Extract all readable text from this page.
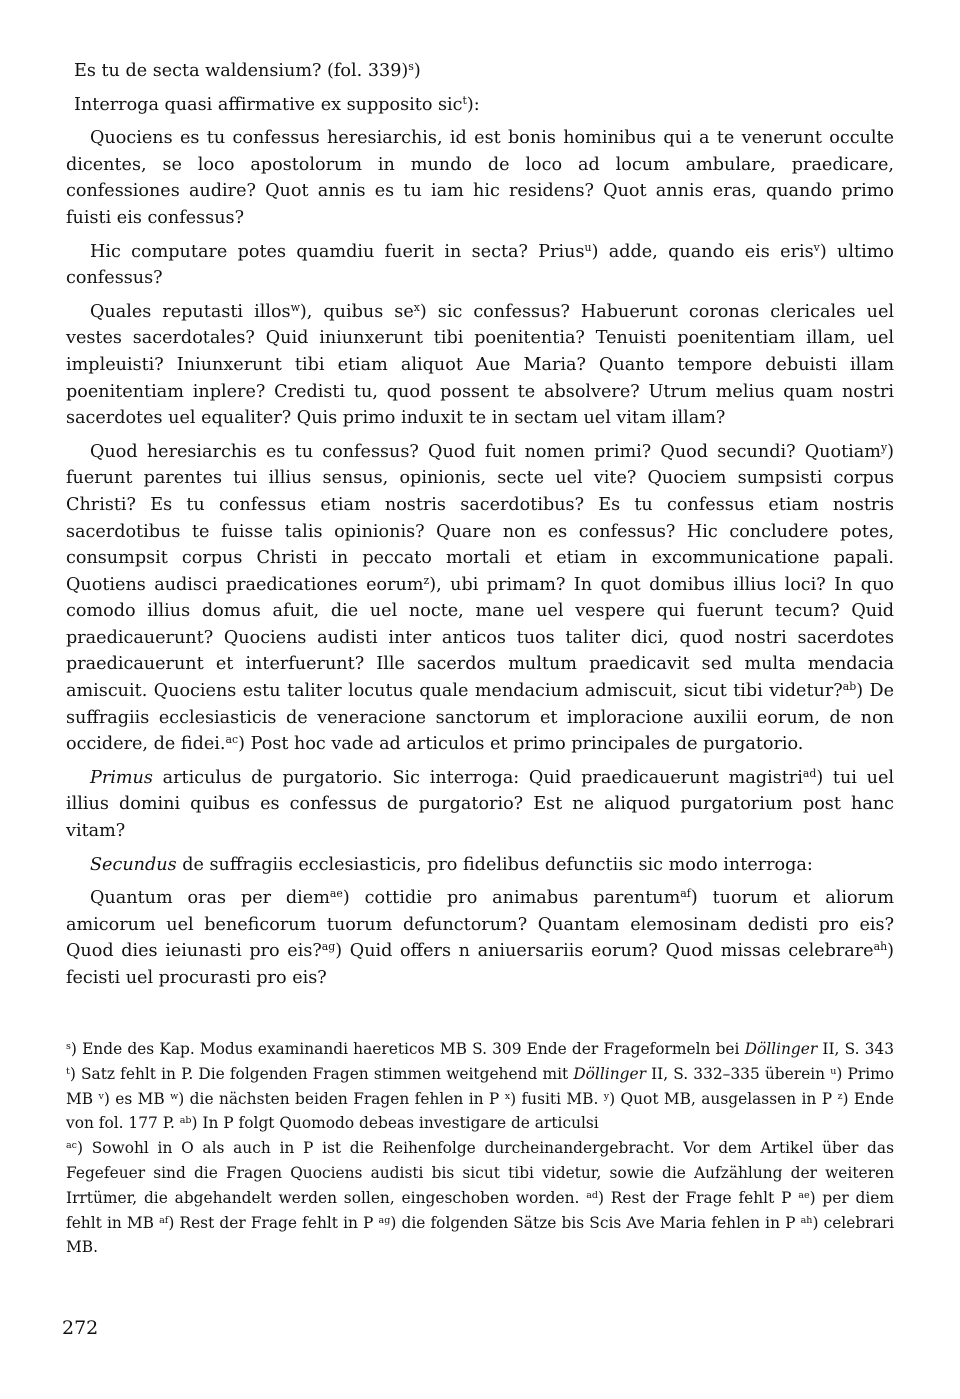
Es tu de secta waldensium? (fol. 339)$^s$)

Interroga quasi affirmative ex supposito sic$^t$):

Quociens es tu confessus heresiarchis, id est bonis hominibus qui a te venerunt occulte dicentes, se loco apostolorum in mundo de loco ad locum ambulare, praedicare, confessiones audire? Quot annis es tu iam hic residens? Quot annis eras, quando primo fuisti eis confessus?

Hic computare potes quamdiu fuerit in secta? Prius$^u$) adde, quando eis eris$^v$) ultimo confessus?

Quales reputasti illos$^w$), quibus $se^x$) sic confessus? Habuerunt coronas clericales uel vestes sacerdotales? Quid iniunxerunt tibi poenitentia? Tenuisti poenitentiam illam, uel impleuisti? Iniunxerunt tibi etiam aliquot Aue Maria? Quanto tempore debuisti illam poenitentiam inplere? Credisti tu, quod possent te absolvere? Utrum melius quam nostri sacerdotes uel equaliter? Quis primo induxit te in sectam uel vitam illam?

Quod heresiarchis es tu confessus? Quod fuit nomen primi? Quod secundi? Quotiam$^y$) fuerunt parentes tui illius sensus, opinionis, secte uel vite? Quociem sumpsisti corpus Christi? Es tu confessus etiam nostris sacerdotibus? Es tu confessus etiam nostris sacerdotibus te fuisse talis opinionis? Quare non es confessus? Hic concludere potes, consumpsit corpus Christi in peccato mortali et etiam in excommunicatione papali. Quotiens audisci praedicationes eorum$^z$), ubi primam? In quot domibus illius loci? In quo comodo illius domus afuit, die uel nocte, mane uel vespere qui fuerunt tecum? Quid praedicauerunt? Quociens audisti inter anticos tuos taliter dici, quod nostri sacerdotes praedicauerunt et interfuerunt? Ille sacerdos multum praedicavit sed multa mendacia amiscuit. Quociens estu taliter locutus quale mendacium admiscuit, sicut tibi videtur?$^{ab}$) De suffragiis ecclesiasticis de veneracione sanctorum et imploracione auxilii eorum, de non occidere, de fidei.$^{ac}$) Post hoc vade ad articulos et primo principales de purgatorio.

Primus articulus de purgatorio. Sic interroga: Quid praedicauerunt magistri$^{ad}$) tui uel illius domini quibus es confessus de purgatorio? Est ne aliquod purgatorium post hanc vitam?

Secundus de suffragiis ecclesiasticis, pro fidelibus defunctiis sic modo interroga:

Quantum oras per diem$^{ae}$) cottidie pro animabus parentum$^{af}$) tuorum et aliorum amicorum uel beneficorum tuorum defunctorum? Quantam elemosinam dedisti pro eis? Quod dies ieiunasti pro eis?$^{ag}$) Quid offers n aniuersariis eorum? Quod missas celebrare$^{ah}$) fecisti uel procurasti pro eis?

$^s$) Ende des Kap. Modus examinandi haereticos MB S. 309 Ende der Frageformeln bei Döllinger II, S. 343 $^t$) Satz fehlt in P. Die folgenden Fragen stimmen weitgehend mit Döllinger II, S. 332–335 überein $^u$) Primo MB $^v$) es MB $^w$) die nächsten beiden Fragen fehlen in P $^x$) fusiti MB. $^y$) Quot MB, ausgelassen in P $^z$) Ende von fol. 177 P. $^{ab}$) In P folgt Quomodo debeas investigare de articulsi

$^{ac}$) Sowohl in O als auch in P ist die Reihenfolge durcheinandergebracht. Vor dem Artikel über das Fegefeuer sind die Fragen Quociens audisti bis sicut tibi videtur, sowie die Aufzählung der weiteren Irrtümer, die abgehandelt werden sollen, eingeschoben worden. $^{ad}$) Rest der Frage fehlt P $^{ae}$) per diem fehlt in MB $^{af}$) Rest der Frage fehlt in P $^{ag}$) die folgenden Sätze bis Scis Ave Maria fehlen in P $^{ah}$) celebrari MB.

272
